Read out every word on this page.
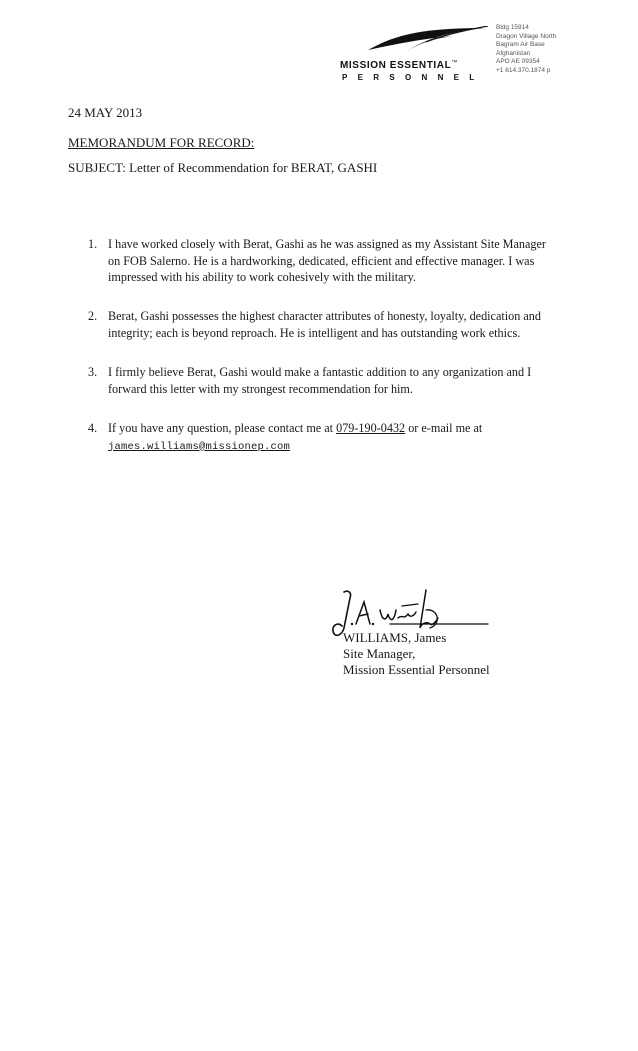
MISSION ESSENTIAL™
PERSONNEL
Bldg 15914
Dragon Village North
Bagram Air Base
Afghanistan
APO AE 09354
+1 614.370.1874 p
24 MAY 2013
MEMORANDUM FOR RECORD:
SUBJECT: Letter of Recommendation for BERAT, GASHI
1. I have worked closely with Berat, Gashi as he was assigned as my Assistant Site Manager
on FOB Salerno. He is a hardworking, dedicated, efficient and effective manager. I was
impressed with his ability to work cohesively with the military.
2. Berat, Gashi possesses the highest character attributes of honesty, loyalty, dedication and
integrity; each is beyond reproach. He is intelligent and has outstanding work ethics.
3. I firmly believe Berat, Gashi would make a fantastic addition to any organization and I
forward this letter with my strongest recommendation for him.
4. If you have any question, please contact me at 079-190-0432 or e-mail me at
james.williams@missionep.com
WILLIAMS, James
Site Manager,
Mission Essential Personnel
